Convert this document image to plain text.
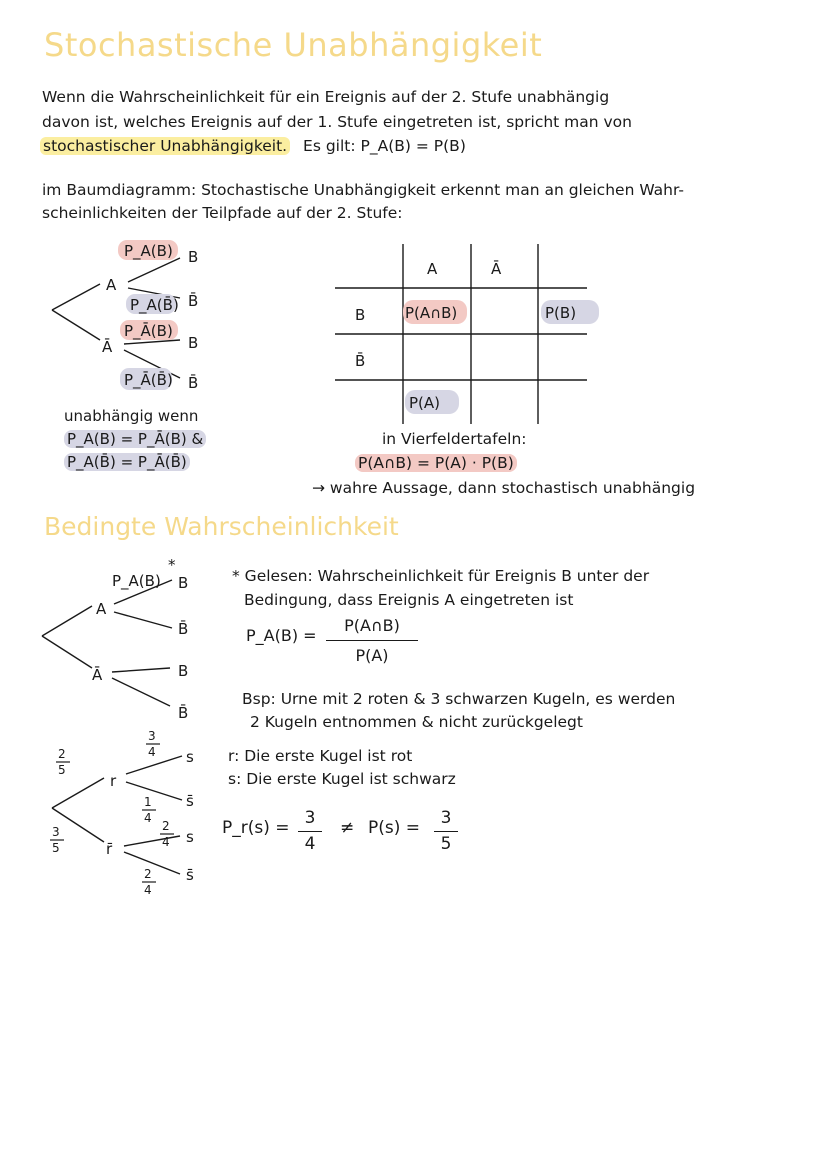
Stochastische Unabhängigkeit
Wenn die Wahrscheinlichkeit für ein Ereignis auf der 2. Stufe unabhängig
davon ist, welches Ereignis auf der 1. Stufe eingetreten ist, spricht man von
stochastischer Unabhängigkeit. Es gilt: P_A(B) = P(B)
im Baumdiagramm: Stochastische Unabhängigkeit erkennt man an gleichen Wahr-
scheinlichkeiten der Teilpfade auf der 2. Stufe:
P_A(B)
P_A(B̄)
P_Ā(B)
P_Ā(B̄)
A
Ā
B
B̄
B
B̄
unabhängig wenn
P_A(B) = P_Ā(B) &
P_A(B̄) = P_Ā(B̄)
A	Ā
B
B̄
P(A∩B)	P(B)
P(A)
in Vierfeldertafeln:
P(A∩B) = P(A) · P(B)
→ wahre Aussage, dann stochastisch unabhängig
Bedingte Wahrscheinlichkeit
P_A(B)
*
A
Ā
B
B̄
B
B̄
* Gelesen: Wahrscheinlichkeit für Ereignis B unter der
Bedingung, dass Ereignis A eingetreten ist
P_A(B) =
P(A∩B)
P(A)
Bsp: Urne mit 2 roten & 3 schwarzen Kugeln, es werden
2 Kugeln entnommen & nicht zurückgelegt
r: Die erste Kugel ist rot
s: Die erste Kugel ist schwarz
2
5
3
5
3
4
1
4
2
4
2
4
r
r̄
s
s̄
s
s̄
P_r(s) = 3
4
≠ P(s) = 3
5
